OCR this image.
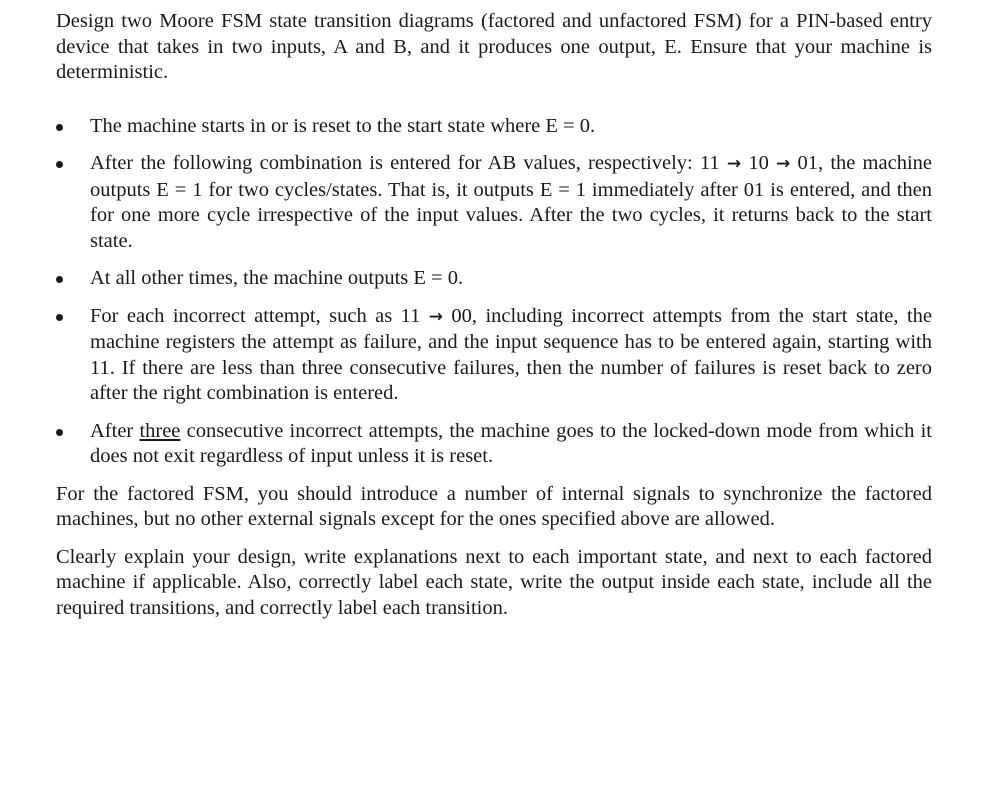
Design two Moore FSM state transition diagrams (factored and unfactored FSM) for a PIN-based entry device that takes in two inputs, A and B, and it produces one output, E. Ensure that your machine is deterministic.

The machine starts in or is reset to the start state where E = 0.
After the following combination is entered for AB values, respectively: 11 → 10 → 01, the machine outputs E = 1 for two cycles/states. That is, it outputs E = 1 immediately after 01 is entered, and then for one more cycle irrespective of the input values. After the two cycles, it returns back to the start state.
At all other times, the machine outputs E = 0.
For each incorrect attempt, such as 11 → 00, including incorrect attempts from the start state, the machine registers the attempt as failure, and the input sequence has to be entered again, starting with 11. If there are less than three consecutive failures, then the number of failures is reset back to zero after the right combination is entered.
After three consecutive incorrect attempts, the machine goes to the locked-down mode from which it does not exit regardless of input unless it is reset.

For the factored FSM, you should introduce a number of internal signals to synchronize the factored machines, but no other external signals except for the ones specified above are allowed.

Clearly explain your design, write explanations next to each important state, and next to each factored machine if applicable. Also, correctly label each state, write the output inside each state, include all the required transitions, and correctly label each transition.
